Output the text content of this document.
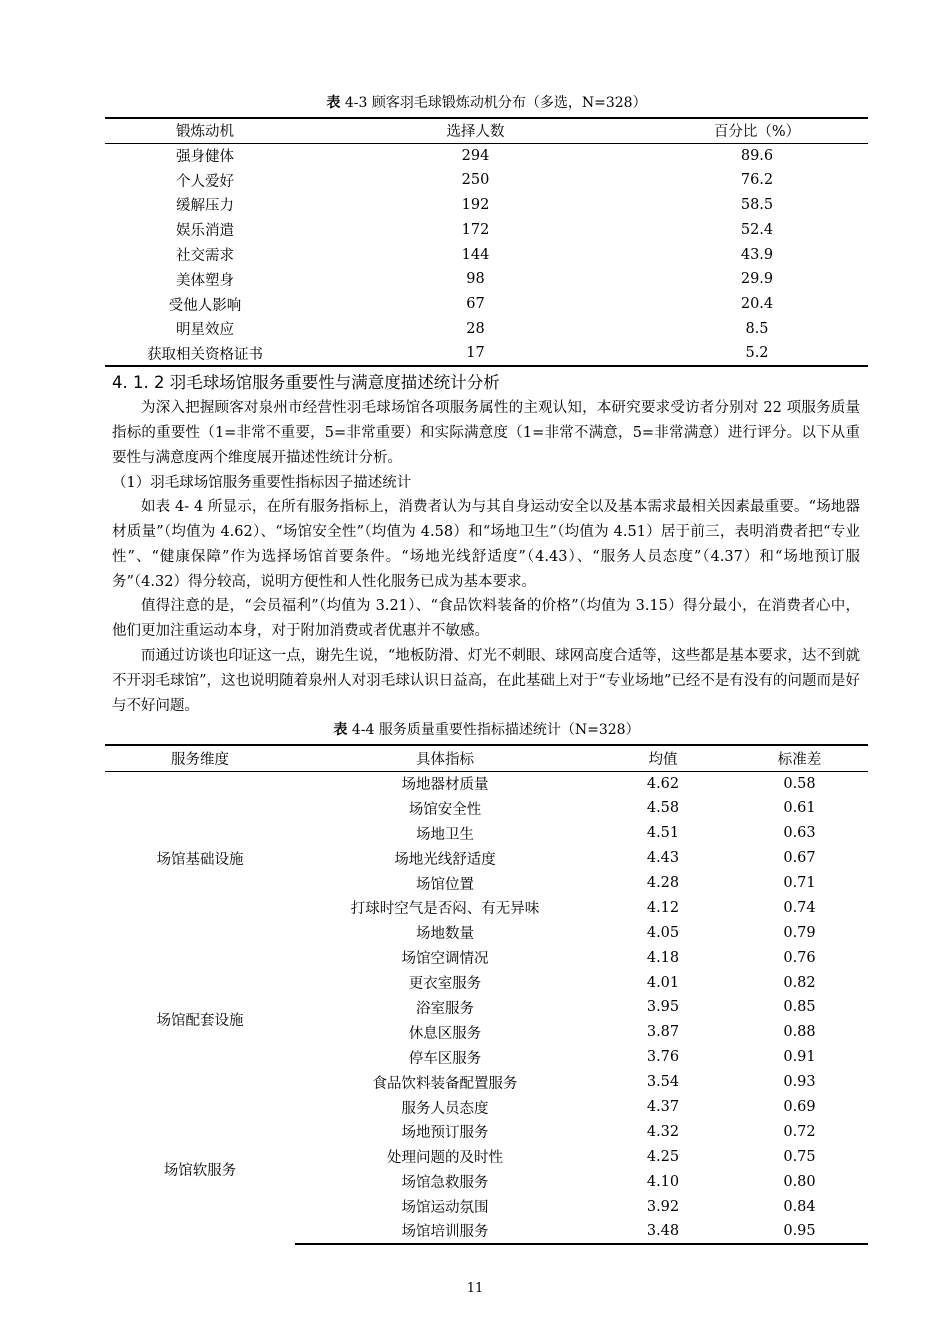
表 4-3 顾客羽毛球锻炼动机分布（多选，N=328）
锻炼动机	选择人数	百分比（%）
强身健体	294	89.6
个人爱好	250	76.2
缓解压力	192	58.5
娱乐消遣	172	52.4
社交需求	144	43.9
美体塑身	98	29.9
受他人影响	67	20.4
明星效应	28	8.5
获取相关资格证书	17	5.2
4. 1. 2 羽毛球场馆服务重要性与满意度描述统计分析
为深入把握顾客对泉州市经营性羽毛球场馆各项服务属性的主观认知，本研究要求受访者分别对 22 项服务质量指标的重要性（1=非常不重要，5=非常重要）和实际满意度（1=非常不满意，5=非常满意）进行评分。以下从重要性与满意度两个维度展开描述性统计分析。
（1）羽毛球场馆服务重要性指标因子描述统计
如表 4- 4 所显示，在所有服务指标上，消费者认为与其自身运动安全以及基本需求最相关因素最重要。“场地器材质量”（均值为 4.62）、“场馆安全性”（均值为 4.58）和“场地卫生”（均值为 4.51）居于前三，表明消费者把“专业性”、“健康保障”作为选择场馆首要条件。“场地光线舒适度”（4.43）、“服务人员态度”（4.37）和“场地预订服务”（4.32）得分较高，说明方便性和人性化服务已成为基本要求。
值得注意的是，“会员福利”（均值为 3.21）、“食品饮料装备的价格”（均值为 3.15）得分最小，在消费者心中，他们更加注重运动本身，对于附加消费或者优惠并不敏感。
而通过访谈也印证这一点，谢先生说，“地板防滑、灯光不刺眼、球网高度合适等，这些都是基本要求，达不到就不开羽毛球馆”，这也说明随着泉州人对羽毛球认识日益高，在此基础上对于“专业场地”已经不是有没有的问题而是好与不好问题。
表 4-4 服务质量重要性指标描述统计（N=328）
服务维度	具体指标	均值	标准差
场馆基础设施	场地器材质量	4.62	0.58
	场馆安全性	4.58	0.61
	场地卫生	4.51	0.63
	场地光线舒适度	4.43	0.67
	场馆位置	4.28	0.71
	打球时空气是否闷、有无异味	4.12	0.74
	场地数量	4.05	0.79
场馆配套设施	场馆空调情况	4.18	0.76
	更衣室服务	4.01	0.82
	浴室服务	3.95	0.85
	休息区服务	3.87	0.88
	停车区服务	3.76	0.91
	食品饮料装备配置服务	3.54	0.93
场馆软服务	服务人员态度	4.37	0.69
	场地预订服务	4.32	0.72
	处理问题的及时性	4.25	0.75
	场馆急救服务	4.10	0.80
	场馆运动氛围	3.92	0.84
	场馆培训服务	3.48	0.95
11
